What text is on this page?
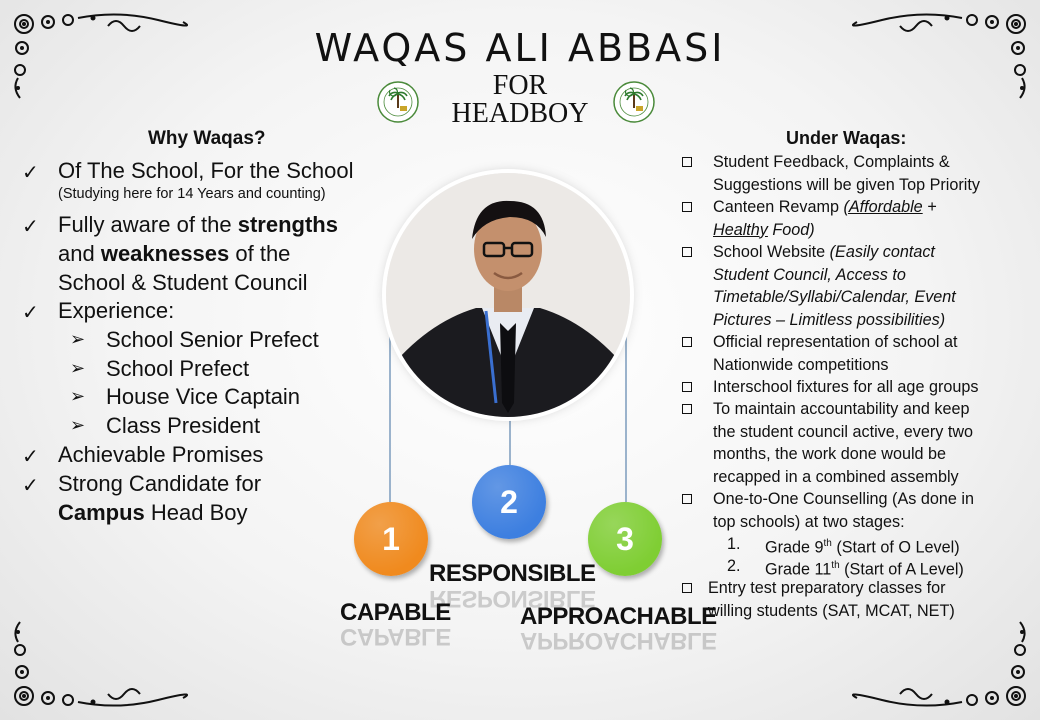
WAQAS ALI ABBASI
FOR
HEADBOY
Why Waqas?
✓ Of The School, For the School
(Studying here for 14 Years and counting)
✓ Fully aware of the strengths
and weaknesses of the
School & Student Council
✓ Experience:
➢ School Senior Prefect
➢ School Prefect
➢ House Vice Captain
➢ Class President
✓ Achievable Promises
✓ Strong Candidate for
Campus Head Boy
1
2
3
RESPONSIBLE
RESPONSIBLE
CAPABLE
CAPABLE
APPROACHABLE
APPROACHABLE
Under Waqas:
Student Feedback, Complaints &
Suggestions will be given Top Priority
Canteen Revamp (Affordable +
Healthy Food)
School Website (Easily contact
Student Council, Access to
Timetable/Syllabi/Calendar, Event
Pictures – Limitless possibilities)
Official representation of school at
Nationwide competitions
Interschool fixtures for all age groups
To maintain accountability and keep
the student council active, every two
months, the work done would be
recapped in a combined assembly
One-to-One Counselling (As done in
top schools) at two stages:
1. Grade 9th (Start of O Level)
2. Grade 11th (Start of A Level)
Entry test preparatory classes for
willing students (SAT, MCAT, NET)
